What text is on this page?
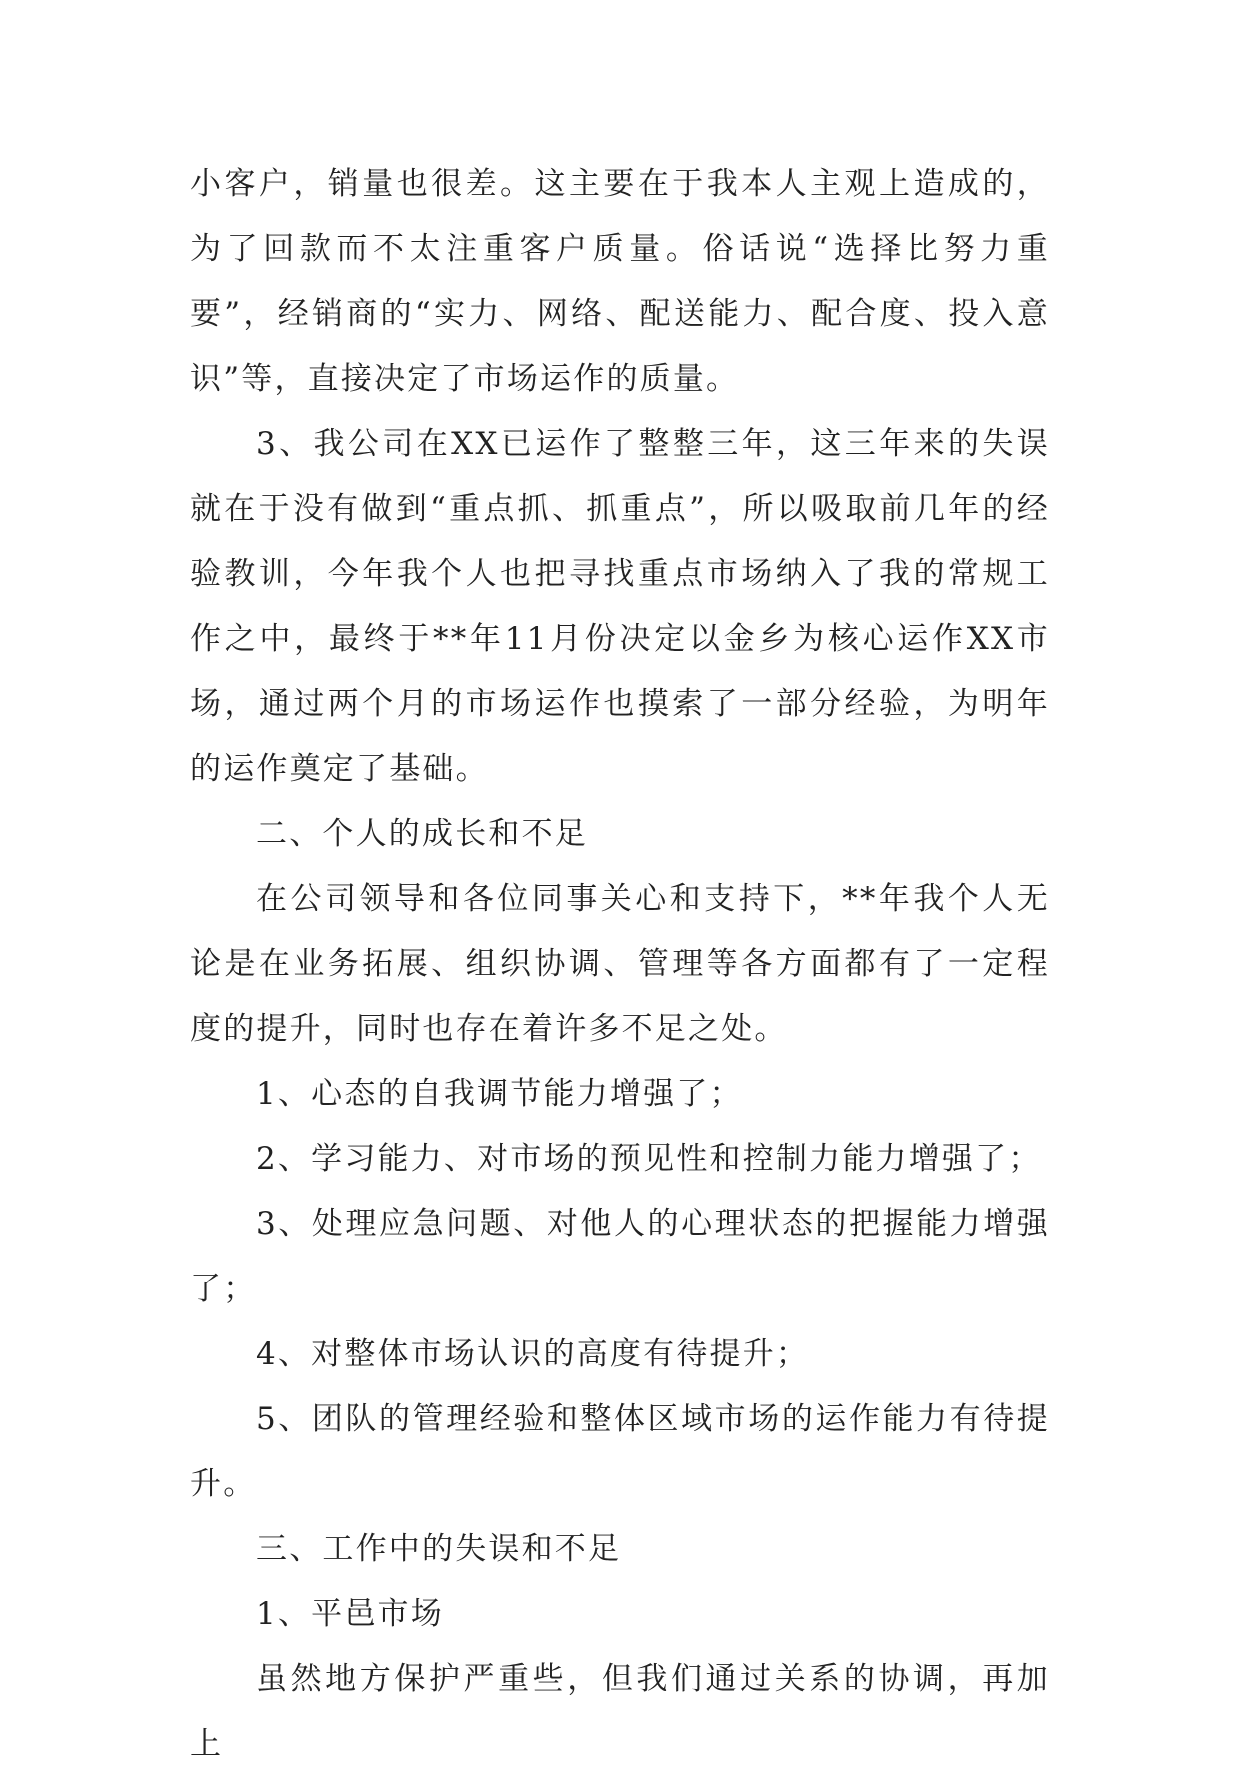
小客户，销量也很差。这主要在于我本人主观上造成的，为了回款而不太注重客户质量。俗话说“选择比努力重要”，经销商的“实力、网络、配送能力、配合度、投入意识”等，直接决定了市场运作的质量。

3、我公司在XX已运作了整整三年，这三年来的失误就在于没有做到“重点抓、抓重点”，所以吸取前几年的经验教训，今年我个人也把寻找重点市场纳入了我的常规工作之中，最终于**年11月份决定以金乡为核心运作XX市场，通过两个月的市场运作也摸索了一部分经验，为明年的运作奠定了基础。

二、个人的成长和不足

在公司领导和各位同事关心和支持下，**年我个人无论是在业务拓展、组织协调、管理等各方面都有了一定程度的提升，同时也存在着许多不足之处。

1、心态的自我调节能力增强了；

2、学习能力、对市场的预见性和控制力能力增强了；

3、处理应急问题、对他人的心理状态的把握能力增强了；

4、对整体市场认识的高度有待提升；

5、团队的管理经验和整体区域市场的运作能力有待提升。

三、工作中的失误和不足

1、平邑市场

虽然地方保护严重些，但我们通过关系的协调，再加上
